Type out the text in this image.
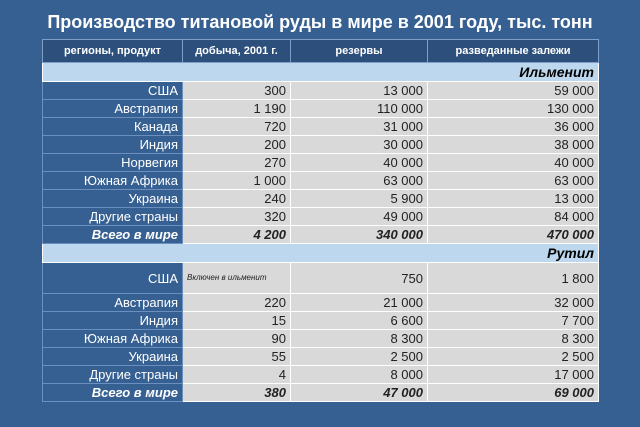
Производство титановой руды в мире в 2001 году, тыс. тонн
регионы, продукт	добыча, 2001 г.	резервы	разведанные залежи
Ильменит			
США	300	13 000	59 000
Австрапия	1 190	110 000	130 000
Канада	720	31 000	36 000
Индия	200	30 000	38 000
Норвегия	270	40 000	40 000
Южная Африка	1 000	63 000	63 000
Украина	240	5 900	13 000
Другие страны	320	49 000	84 000
Всего в мире	4 200	340 000	470 000
Рутил			
США	Включен в ильменит	750	1 800
Австрапия	220	21 000	32 000
Индия	15	6 600	7 700
Южная Африка	90	8 300	8 300
Украина	55	2 500	2 500
Другие страны	4	8 000	17 000
Всего в мире	380	47 000	69 000
